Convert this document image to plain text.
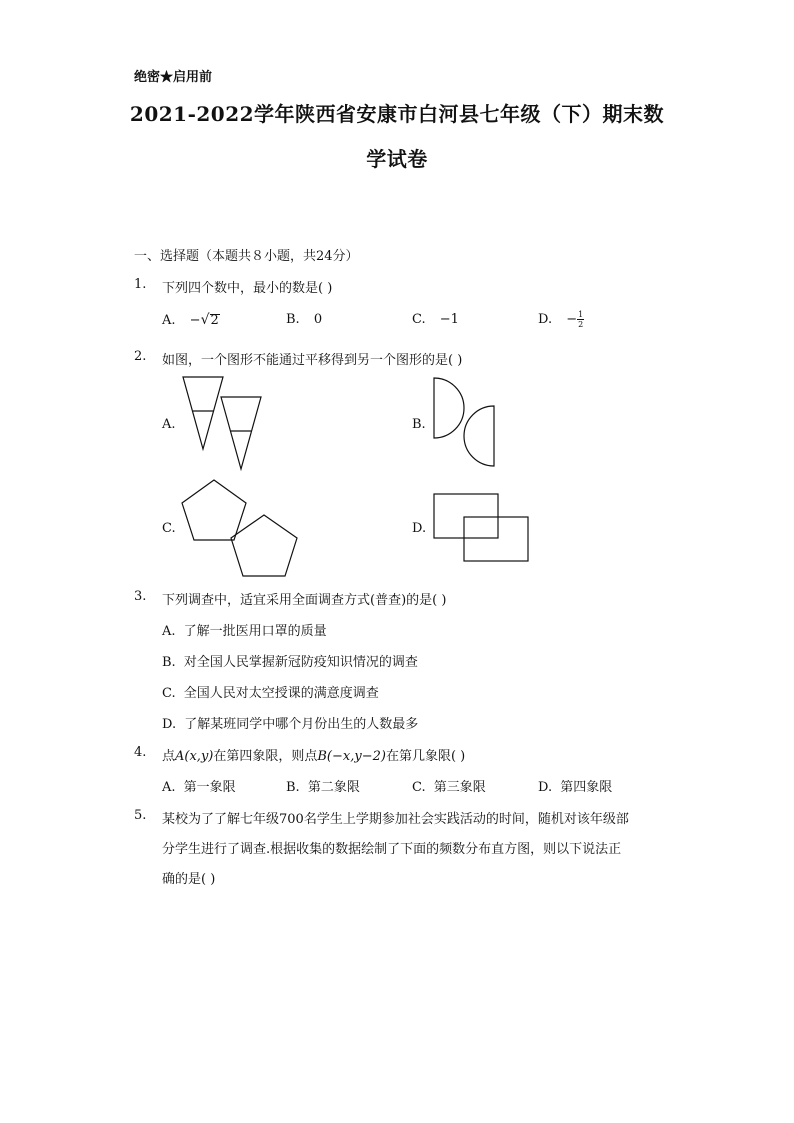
绝密★启用前
2021-2022学年陕西省安康市白河县七年级（下）期末数
学试卷
一、选择题（本题共８小题，共24分）
1. 下列四个数中，最小的数是( )
A. −√2	B. 0	C. −1	D. − $\frac{1}{2}$
2. 如图，一个图形不能通过平移得到另一个图形的是( )
A.	B.
C.	D.
3. 下列调查中，适宜采用全面调查方式(普查)的是( )
A. 了解一批医用口罩的质量
B. 对全国人民掌握新冠防疫知识情况的调查
C. 全国人民对太空授课的满意度调查
D. 了解某班同学中哪个月份出生的人数最多
4. 点A(x,y)在第四象限，则点B(−x,y−2)在第几象限( )
A. 第一象限	B. 第二象限	C. 第三象限	D. 第四象限
5. 某校为了了解七年级700名学生上学期参加社会实践活动的时间，随机对该年级部
分学生进行了调查.根据收集的数据绘制了下面的频数分布直方图，则以下说法正
确的是( )
